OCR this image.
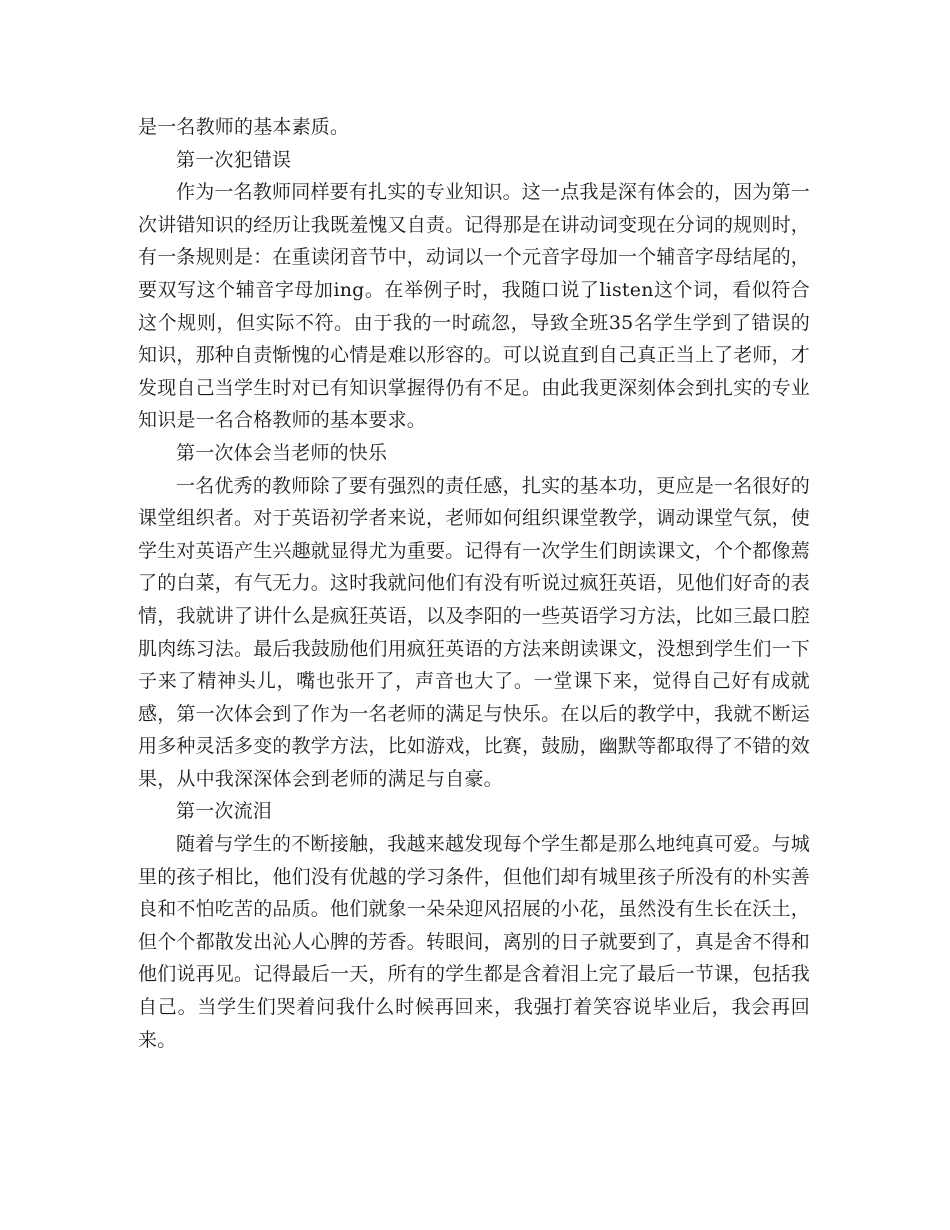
是一名教师的基本素质。

第一次犯错误

作为一名教师同样要有扎实的专业知识。这一点我是深有体会的，因为第一次讲错知识的经历让我既羞愧又自责。记得那是在讲动词变现在分词的规则时，有一条规则是：在重读闭音节中，动词以一个元音字母加一个辅音字母结尾的，要双写这个辅音字母加ing。在举例子时，我随口说了listen这个词，看似符合这个规则，但实际不符。由于我的一时疏忽，导致全班35名学生学到了错误的知识，那种自责惭愧的心情是难以形容的。可以说直到自己真正当上了老师，才发现自己当学生时对已有知识掌握得仍有不足。由此我更深刻体会到扎实的专业知识是一名合格教师的基本要求。

第一次体会当老师的快乐

一名优秀的教师除了要有强烈的责任感，扎实的基本功，更应是一名很好的课堂组织者。对于英语初学者来说，老师如何组织课堂教学，调动课堂气氛，使学生对英语产生兴趣就显得尤为重要。记得有一次学生们朗读课文，个个都像蔫了的白菜，有气无力。这时我就问他们有没有听说过疯狂英语，见他们好奇的表情，我就讲了讲什么是疯狂英语，以及李阳的一些英语学习方法，比如三最口腔肌肉练习法。最后我鼓励他们用疯狂英语的方法来朗读课文，没想到学生们一下子来了精神头儿，嘴也张开了，声音也大了。一堂课下来，觉得自己好有成就感，第一次体会到了作为一名老师的满足与快乐。在以后的教学中，我就不断运用多种灵活多变的教学方法，比如游戏，比赛，鼓励，幽默等都取得了不错的效果，从中我深深体会到老师的满足与自豪。

第一次流泪

随着与学生的不断接触，我越来越发现每个学生都是那么地纯真可爱。与城里的孩子相比，他们没有优越的学习条件，但他们却有城里孩子所没有的朴实善良和不怕吃苦的品质。他们就象一朵朵迎风招展的小花，虽然没有生长在沃土，但个个都散发出沁人心脾的芳香。转眼间，离别的日子就要到了，真是舍不得和他们说再见。记得最后一天，所有的学生都是含着泪上完了最后一节课，包括我自己。当学生们哭着问我什么时候再回来，我强打着笑容说毕业后，我会再回来。
